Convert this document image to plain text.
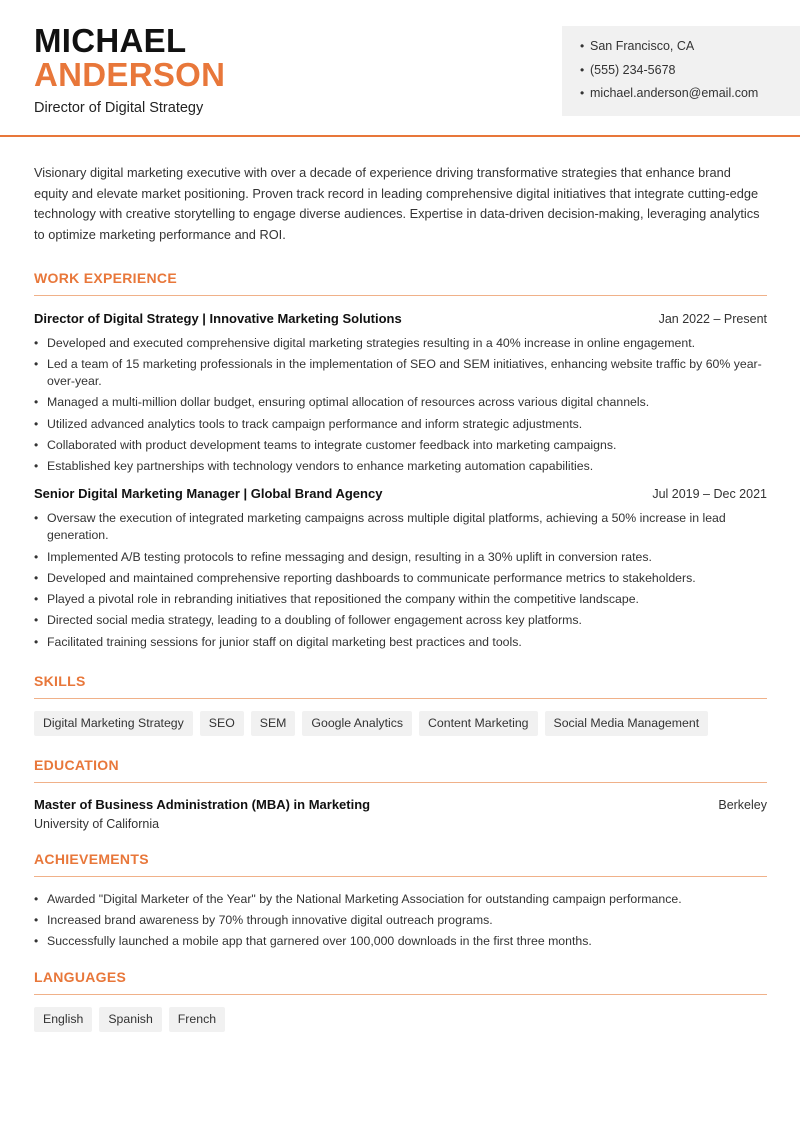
MICHAEL
ANDERSON
Director of Digital Strategy
• San Francisco, CA
• (555) 234-5678
• michael.anderson@email.com

Visionary digital marketing executive with over a decade of experience driving transformative strategies that enhance brand equity and elevate market positioning. Proven track record in leading comprehensive digital initiatives that integrate cutting-edge technology with creative storytelling to engage diverse audiences. Expertise in data-driven decision-making, leveraging analytics to optimize marketing performance and ROI.

WORK EXPERIENCE
Director of Digital Strategy | Innovative Marketing Solutions	Jan 2022 – Present
• Developed and executed comprehensive digital marketing strategies resulting in a 40% increase in online engagement.
• Led a team of 15 marketing professionals in the implementation of SEO and SEM initiatives, enhancing website traffic by 60% year-over-year.
• Managed a multi-million dollar budget, ensuring optimal allocation of resources across various digital channels.
• Utilized advanced analytics tools to track campaign performance and inform strategic adjustments.
• Collaborated with product development teams to integrate customer feedback into marketing campaigns.
• Established key partnerships with technology vendors to enhance marketing automation capabilities.
Senior Digital Marketing Manager | Global Brand Agency	Jul 2019 – Dec 2021
• Oversaw the execution of integrated marketing campaigns across multiple digital platforms, achieving a 50% increase in lead generation.
• Implemented A/B testing protocols to refine messaging and design, resulting in a 30% uplift in conversion rates.
• Developed and maintained comprehensive reporting dashboards to communicate performance metrics to stakeholders.
• Played a pivotal role in rebranding initiatives that repositioned the company within the competitive landscape.
• Directed social media strategy, leading to a doubling of follower engagement across key platforms.
• Facilitated training sessions for junior staff on digital marketing best practices and tools.
SKILLS
Digital Marketing Strategy	SEO	SEM	Google Analytics	Content Marketing	Social Media Management
EDUCATION
Master of Business Administration (MBA) in Marketing	Berkeley
University of California
ACHIEVEMENTS
• Awarded "Digital Marketer of the Year" by the National Marketing Association for outstanding campaign performance.
• Increased brand awareness by 70% through innovative digital outreach programs.
• Successfully launched a mobile app that garnered over 100,000 downloads in the first three months.
LANGUAGES
English	Spanish	French
